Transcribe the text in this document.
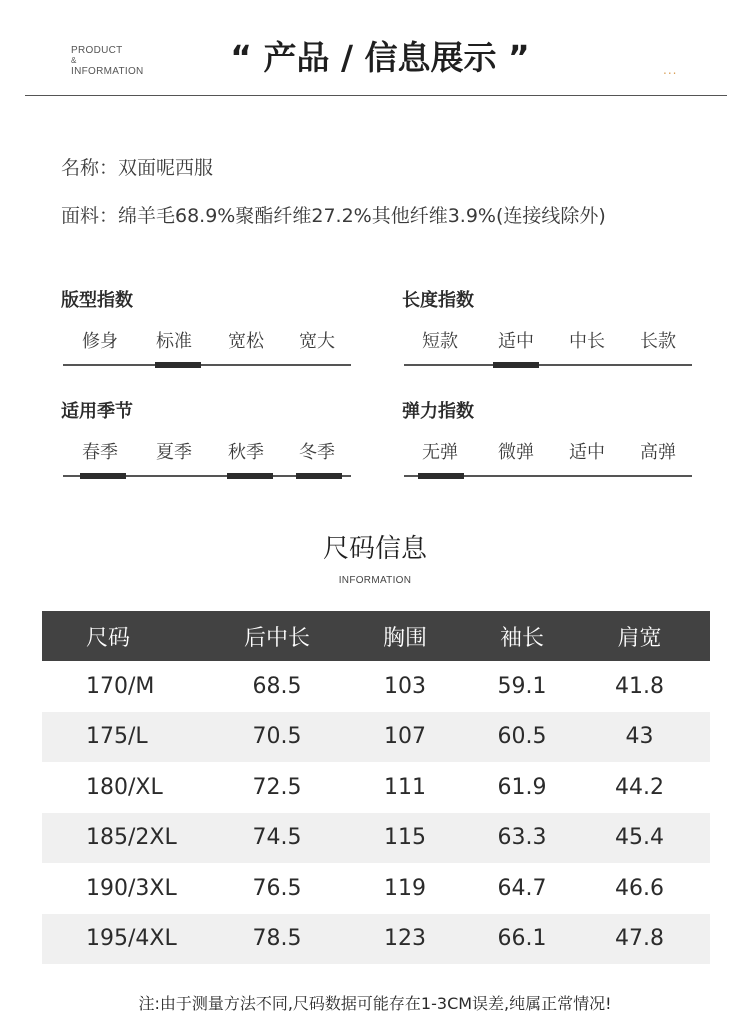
PRODUCT
&
INFORMATION	“ 产品 / 信息展示 ”	...
名称：双面呢西服
面料：绵羊毛68.9%聚酯纤维27.2%其他纤维3.9%(连接线除外)
版型指数
修身	标准	宽松	宽大
长度指数
短款	适中	中长	长款
适用季节
春季	夏季	秋季	冬季
弹力指数
无弹	微弹	适中	高弹
尺码信息
INFORMATION
尺码	后中长	胸围	袖长	肩宽
170/M	68.5	103	59.1	41.8
175/L	70.5	107	60.5	43
180/XL	72.5	111	61.9	44.2
185/2XL	74.5	115	63.3	45.4
190/3XL	76.5	119	64.7	46.6
195/4XL	78.5	123	66.1	47.8
注:由于测量方法不同,尺码数据可能存在1-3CM误差,纯属正常情况!
